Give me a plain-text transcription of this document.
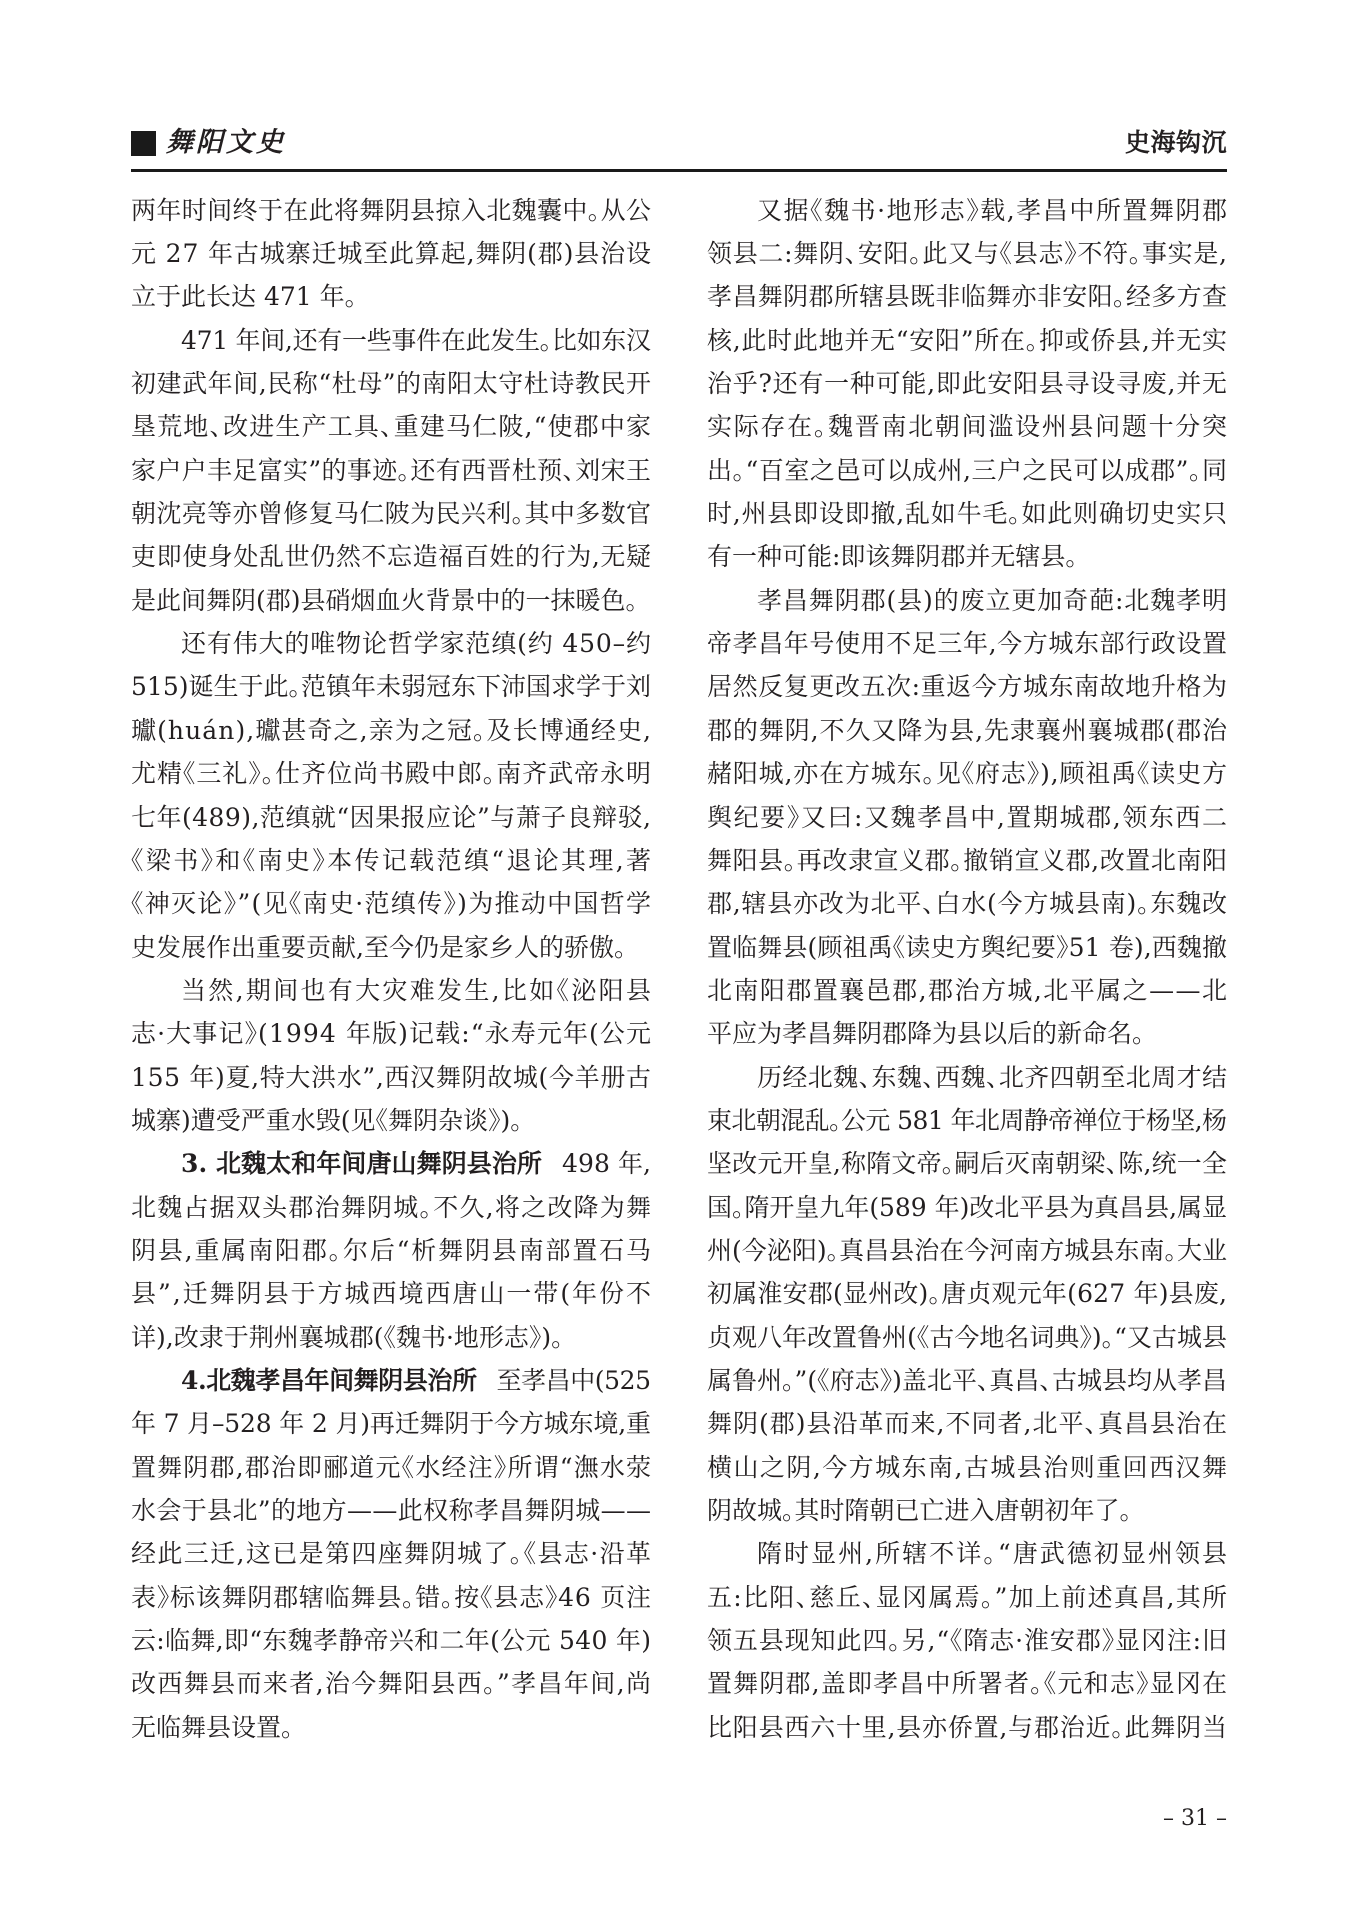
舞阳文史	史海钩沉
两年时间终于在此将舞阴县掠入北魏囊中。从公
元 27 年古城寨迁城至此算起,舞阴(郡)县治设
立于此长达 471 年。
471 年间,还有一些事件在此发生。比如东汉
初建武年间,民称“杜母”的南阳太守杜诗教民开
垦荒地、改进生产工具、重建马仁陂,“使郡中家
家户户丰足富实”的事迹。还有西晋杜预、刘宋王
朝沈亮等亦曾修复马仁陂为民兴利。其中多数官
吏即使身处乱世仍然不忘造福百姓的行为,无疑
是此间舞阴(郡)县硝烟血火背景中的一抹暖色。
还有伟大的唯物论哲学家范缜(约 450–约
515)诞生于此。范镇年未弱冠东下沛国求学于刘
瓛(huán),瓛甚奇之,亲为之冠。及长博通经史,
尤精《三礼》。仕齐位尚书殿中郎。南齐武帝永明
七年(489),范缜就“因果报应论”与萧子良辩驳,
《梁书》和《南史》本传记载范缜“退论其理,著
《神灭论》”(见《南史·范缜传》)为推动中国哲学
史发展作出重要贡献,至今仍是家乡人的骄傲。
当然,期间也有大灾难发生,比如《泌阳县
志·大事记》(1994 年版)记载:“永寿元年(公元
155 年)夏,特大洪水”,西汉舞阴故城(今羊册古
城寨)遭受严重水毁(见《舞阴杂谈》)。
3. 北魏太和年间唐山舞阴县治所 498 年,
北魏占据双头郡治舞阴城。不久,将之改降为舞
阴县,重属南阳郡。尔后“析舞阴县南部置石马
县”,迁舞阴县于方城西境西唐山一带(年份不
详),改隶于荆州襄城郡(《魏书·地形志》)。
4.北魏孝昌年间舞阴县治所 至孝昌中(525
年 7 月–528 年 2 月)再迁舞阴于今方城东境,重
置舞阴郡,郡治即郦道元《水经注》所谓“潕水荥
水会于县北”的地方——此权称孝昌舞阴城——
经此三迁,这已是第四座舞阴城了。《县志·沿革
表》标该舞阴郡辖临舞县。错。按《县志》46 页注
云:临舞,即“东魏孝静帝兴和二年(公元 540 年)
改西舞县而来者,治今舞阳县西。”孝昌年间,尚
无临舞县设置。
又据《魏书·地形志》载,孝昌中所置舞阴郡
领县二:舞阴、安阳。此又与《县志》不符。事实是,
孝昌舞阴郡所辖县既非临舞亦非安阳。经多方查
核,此时此地并无“安阳”所在。抑或侨县,并无实
治乎?还有一种可能,即此安阳县寻设寻废,并无
实际存在。魏晋南北朝间滥设州县问题十分突
出。“百室之邑可以成州,三户之民可以成郡”。同
时,州县即设即撤,乱如牛毛。如此则确切史实只
有一种可能:即该舞阴郡并无辖县。
孝昌舞阴郡(县)的废立更加奇葩:北魏孝明
帝孝昌年号使用不足三年,今方城东部行政设置
居然反复更改五次:重返今方城东南故地升格为
郡的舞阴,不久又降为县,先隶襄州襄城郡(郡治
赭阳城,亦在方城东。见《府志》),顾祖禹《读史方
舆纪要》又曰:又魏孝昌中,置期城郡,领东西二
舞阳县。再改隶宣义郡。撤销宣义郡,改置北南阳
郡,辖县亦改为北平、白水(今方城县南)。东魏改
置临舞县(顾祖禹《读史方舆纪要》51 卷),西魏撤
北南阳郡置襄邑郡,郡治方城,北平属之——北
平应为孝昌舞阴郡降为县以后的新命名。
历经北魏、东魏、西魏、北齐四朝至北周才结
束北朝混乱。公元 581 年北周静帝禅位于杨坚,杨
坚改元开皇,称隋文帝。嗣后灭南朝梁、陈,统一全
国。隋开皇九年(589 年)改北平县为真昌县,属显
州(今泌阳)。真昌县治在今河南方城县东南。大业
初属淮安郡(显州改)。唐贞观元年(627 年)县废,
贞观八年改置鲁州(《古今地名词典》)。“又古城县
属鲁州。”(《府志》)盖北平、真昌、古城县均从孝昌
舞阴(郡)县沿革而来,不同者,北平、真昌县治在
横山之阴,今方城东南,古城县治则重回西汉舞
阴故城。其时隋朝已亡进入唐朝初年了。
隋时显州,所辖不详。“唐武德初显州领县
五:比阳、慈丘、显冈属焉。”加上前述真昌,其所
领五县现知此四。另,“《隋志·淮安郡》显冈注:旧
置舞阴郡,盖即孝昌中所署者。《元和志》显冈在
比阳县西六十里,县亦侨置,与郡治近。此舞阴当
– 31 –
